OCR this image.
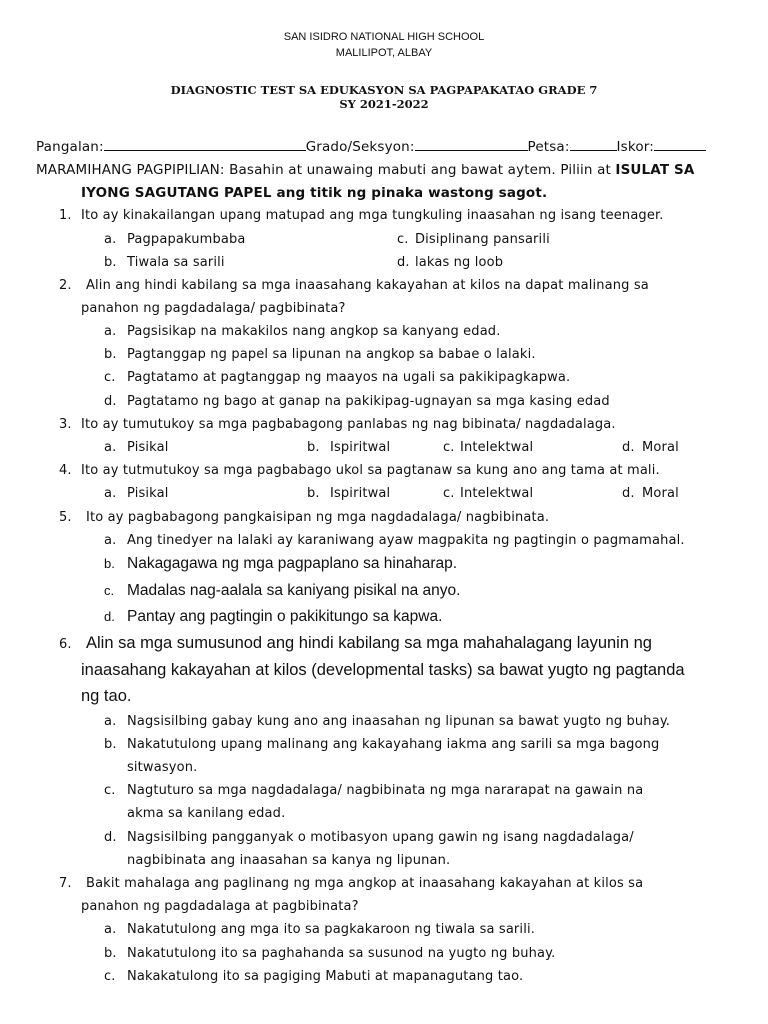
SAN ISIDRO NATIONAL HIGH SCHOOL
MALILIPOT, ALBAY
DIAGNOSTIC TEST SA EDUKASYON SA PAGPAPAKATAO GRADE 7
SY 2021-2022
Pangalan:	Grado/Seksyon:	Petsa:	Iskor:
MARAMIHANG PAGPIPILIAN: Basahin at unawaing mabuti ang bawat aytem. Piliin at ISULAT SA
IYONG SAGUTANG PAPEL ang titik ng pinaka wastong sagot.
1. Ito ay kinakailangan upang matupad ang mga tungkuling inaasahan ng isang teenager.
a. Pagpapakumbaba	c. Disiplinang pansarili
b. Tiwala sa sarili	d. lakas ng loob
2. Alin ang hindi kabilang sa mga inaasahang kakayahan at kilos na dapat malinang sa
panahon ng pagdadalaga/ pagbibinata?
a. Pagsisikap na makakilos nang angkop sa kanyang edad.
b. Pagtanggap ng papel sa lipunan na angkop sa babae o lalaki.
c. Pagtatamo at pagtanggap ng maayos na ugali sa pakikipagkapwa.
d. Pagtatamo ng bago at ganap na pakikipag-ugnayan sa mga kasing edad
3. Ito ay tumutukoy sa mga pagbabagong panlabas ng nag bibinata/ nagdadalaga.
a. Pisikal	b. Ispiritwal	c. Intelektwal	d. Moral
4. Ito ay tutmutukoy sa mga pagbabago ukol sa pagtanaw sa kung ano ang tama at mali.
a. Pisikal	b. Ispiritwal	c. Intelektwal	d. Moral
5. Ito ay pagbabagong pangkaisipan ng mga nagdadalaga/ nagbibinata.
a. Ang tinedyer na lalaki ay karaniwang ayaw magpakita ng pagtingin o pagmamahal.
b. Nakagagawa ng mga pagpaplano sa hinaharap.
c. Madalas nag-aalala sa kaniyang pisikal na anyo.
d. Pantay ang pagtingin o pakikitungo sa kapwa.
6. Alin sa mga sumusunod ang hindi kabilang sa mga mahahalagang layunin ng
inaasahang kakayahan at kilos (developmental tasks) sa bawat yugto ng pagtanda
ng tao.
a. Nagsisilbing gabay kung ano ang inaasahan ng lipunan sa bawat yugto ng buhay.
b. Nakatutulong upang malinang ang kakayahang iakma ang sarili sa mga bagong
sitwasyon.
c. Nagtuturo sa mga nagdadalaga/ nagbibinata ng mga nararapat na gawain na
akma sa kanilang edad.
d. Nagsisilbing pangganyak o motibasyon upang gawin ng isang nagdadalaga/
nagbibinata ang inaasahan sa kanya ng lipunan.
7. Bakit mahalaga ang paglinang ng mga angkop at inaasahang kakayahan at kilos sa
panahon ng pagdadalaga at pagbibinata?
a. Nakatutulong ang mga ito sa pagkakaroon ng tiwala sa sarili.
b. Nakatutulong ito sa paghahanda sa susunod na yugto ng buhay.
c. Nakakatulong ito sa pagiging Mabuti at mapanagutang tao.
